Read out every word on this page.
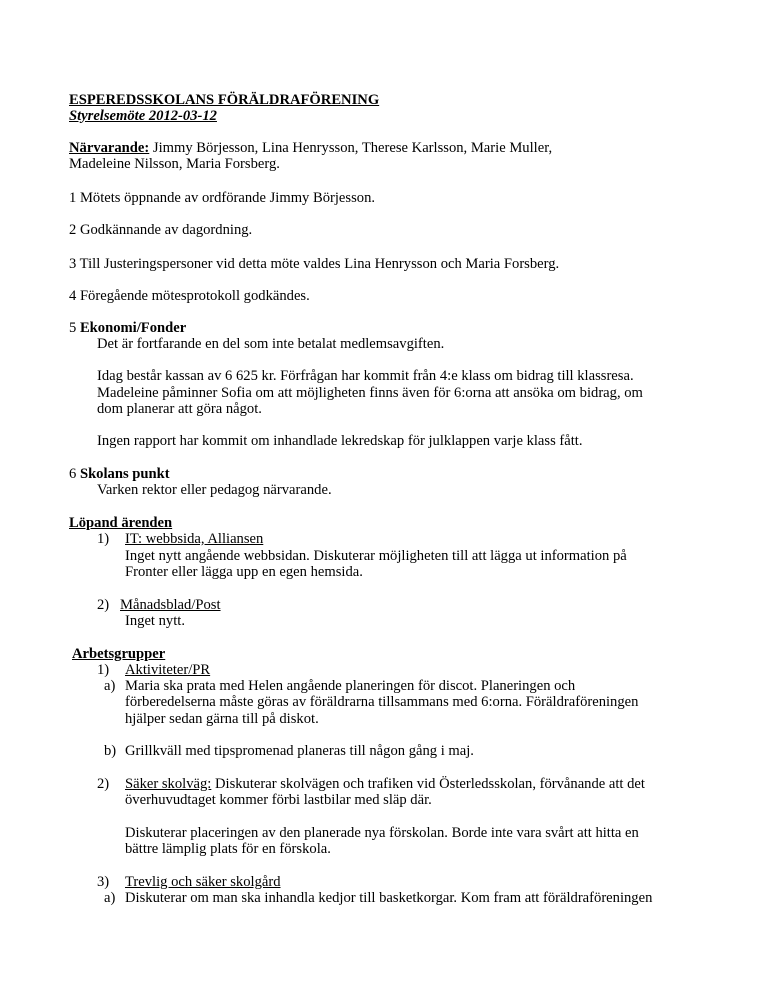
ESPEREDSSKOLANS FÖRÄLDRAFÖRENING
Styrelsemöte 2012-03-12
Närvarande: Jimmy Börjesson, Lina Henrysson, Therese Karlsson, Marie Muller,
Madeleine Nilsson, Maria Forsberg.
1 Mötets öppnande av ordförande Jimmy Börjesson.
2 Godkännande av dagordning.
3 Till Justeringspersoner vid detta möte valdes Lina Henrysson och Maria Forsberg.
4 Föregående mötesprotokoll godkändes.
5 Ekonomi/Fonder
Det är fortfarande en del som inte betalat medlemsavgiften.
Idag består kassan av 6 625 kr. Förfrågan har kommit från 4:e klass om bidrag till klassresa.
Madeleine påminner Sofia om att möjligheten finns även för 6:orna att ansöka om bidrag, om
dom planerar att göra något.
Ingen rapport har kommit om inhandlade lekredskap för julklappen varje klass fått.
6 Skolans punkt
Varken rektor eller pedagog närvarande.
Löpand ärenden
1) IT: webbsida, Alliansen
Inget nytt angående webbsidan. Diskuterar möjligheten till att lägga ut information på
Fronter eller lägga upp en egen hemsida.
2) Månadsblad/Post
Inget nytt.
Arbetsgrupper
1) Aktiviteter/PR
a) Maria ska prata med Helen angående planeringen för discot. Planeringen och
förberedelserna måste göras av föräldrarna tillsammans med 6:orna. Föräldraföreningen
hjälper sedan gärna till på diskot.
b) Grillkväll med tipspromenad planeras till någon gång i maj.
2) Säker skolväg: Diskuterar skolvägen och trafiken vid Österledsskolan, förvånande att det
överhuvudtaget kommer förbi lastbilar med släp där.
Diskuterar placeringen av den planerade nya förskolan. Borde inte vara svårt att hitta en
bättre lämplig plats för en förskola.
3) Trevlig och säker skolgård
a) Diskuterar om man ska inhandla kedjor till basketkorgar. Kom fram att föräldraföreningen
